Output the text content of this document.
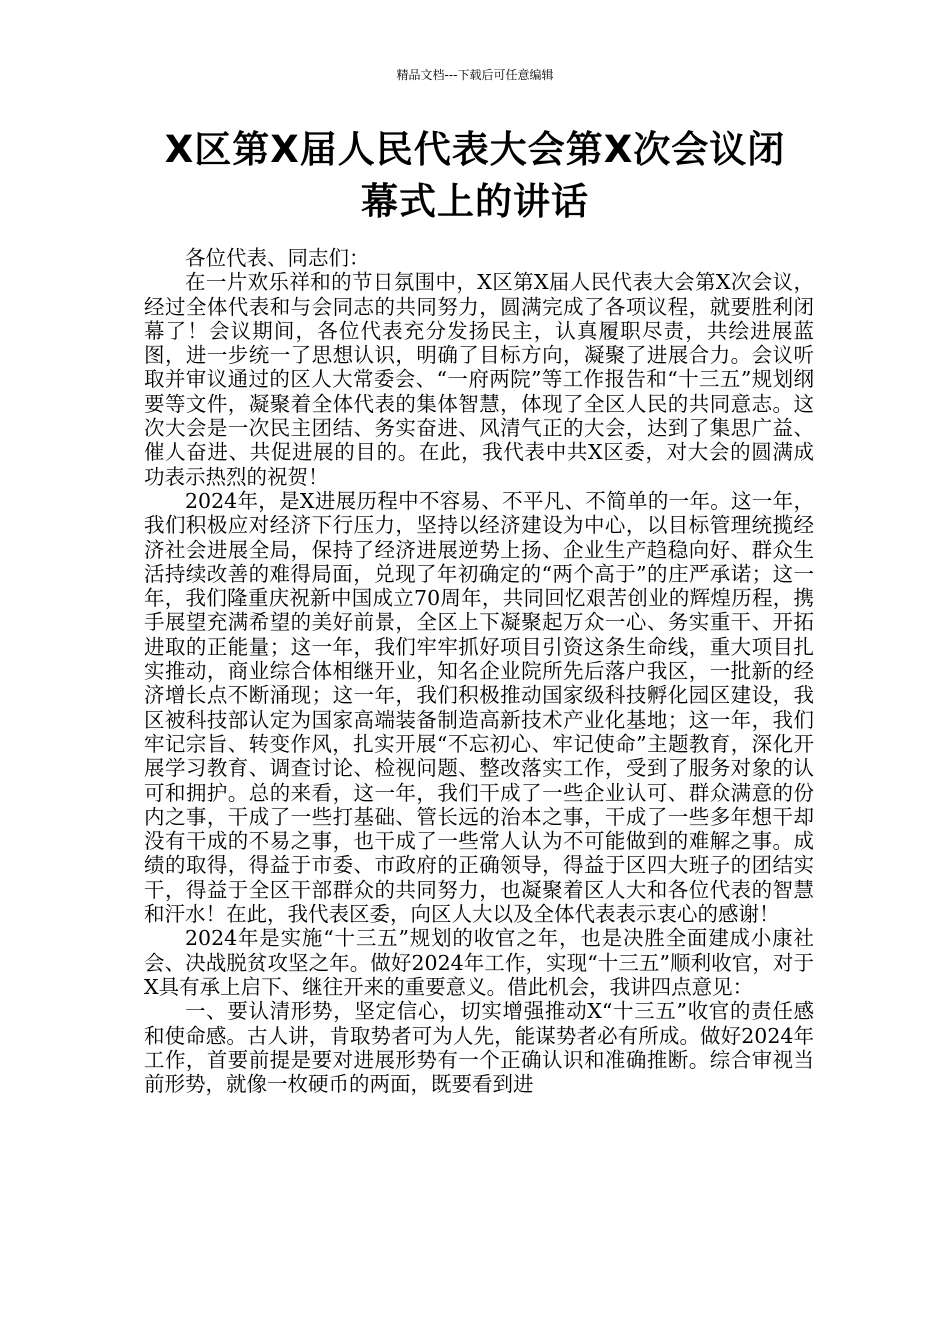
精品文档---下载后可任意编辑
X区第X届人民代表大会第X次会议闭
幕式上的讲话

各位代表、同志们：

在一片欢乐祥和的节日氛围中，X区第X届人民代表大会第X次会议，经过全体代表和与会同志的共同努力，圆满完成了各项议程，就要胜利闭幕了！会议期间，各位代表充分发扬民主，认真履职尽责，共绘进展蓝图，进一步统一了思想认识，明确了目标方向，凝聚了进展合力。会议听取并审议通过的区人大常委会、“一府两院”等工作报告和“十三五”规划纲要等文件，凝聚着全体代表的集体智慧，体现了全区人民的共同意志。这次大会是一次民主团结、务实奋进、风清气正的大会，达到了集思广益、催人奋进、共促进展的目的。在此，我代表中共X区委，对大会的圆满成功表示热烈的祝贺！

2024年，是X进展历程中不容易、不平凡、不简单的一年。这一年，我们积极应对经济下行压力，坚持以经济建设为中心，以目标管理统揽经济社会进展全局，保持了经济进展逆势上扬、企业生产趋稳向好、群众生活持续改善的难得局面，兑现了年初确定的“两个高于”的庄严承诺；这一年，我们隆重庆祝新中国成立70周年，共同回忆艰苦创业的辉煌历程，携手展望充满希望的美好前景，全区上下凝聚起万众一心、务实重干、开拓进取的正能量；这一年，我们牢牢抓好项目引资这条生命线，重大项目扎实推动，商业综合体相继开业，知名企业院所先后落户我区，一批新的经济增长点不断涌现；这一年，我们积极推动国家级科技孵化园区建设，我区被科技部认定为国家高端装备制造高新技术产业化基地；这一年，我们牢记宗旨、转变作风，扎实开展“不忘初心、牢记使命”主题教育，深化开展学习教育、调查讨论、检视问题、整改落实工作，受到了服务对象的认可和拥护。总的来看，这一年，我们干成了一些企业认可、群众满意的份内之事，干成了一些打基础、管长远的治本之事，干成了一些多年想干却没有干成的不易之事，也干成了一些常人认为不可能做到的难解之事。成绩的取得，得益于市委、市政府的正确领导，得益于区四大班子的团结实干，得益于全区干部群众的共同努力，也凝聚着区人大和各位代表的智慧和汗水！在此，我代表区委，向区人大以及全体代表表示衷心的感谢！

2024年是实施“十三五”规划的收官之年，也是决胜全面建成小康社会、决战脱贫攻坚之年。做好2024年工作，实现“十三五”顺利收官，对于X具有承上启下、继往开来的重要意义。借此机会，我讲四点意见：

一、要认清形势，坚定信心，切实增强推动X“十三五”收官的责任感和使命感。古人讲，肯取势者可为人先，能谋势者必有所成。做好2024年工作，首要前提是要对进展形势有一个正确认识和准确推断。综合审视当前形势，就像一枚硬币的两面，既要看到进
